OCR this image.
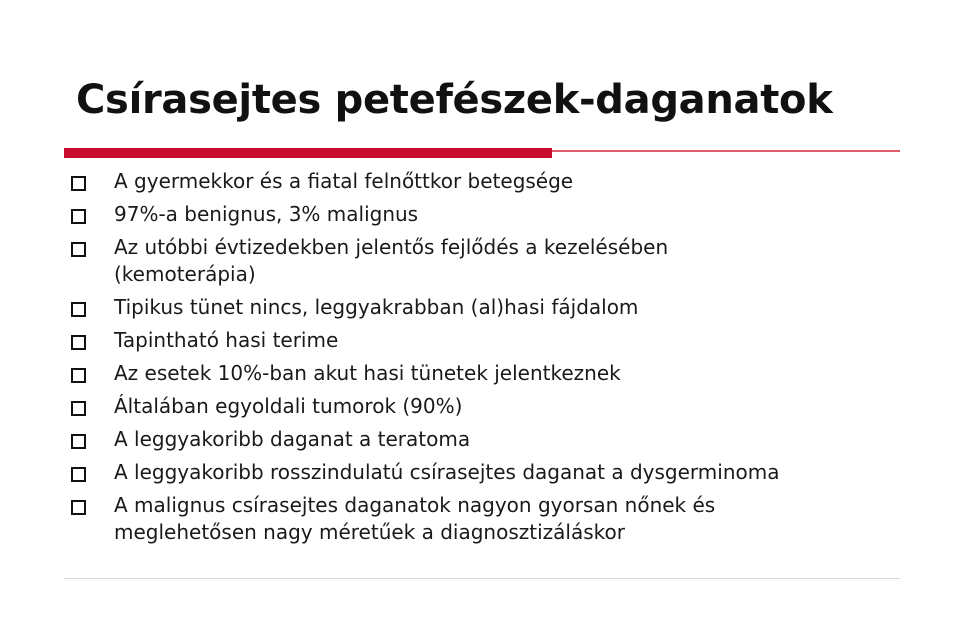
Csírasejtes petefészek-daganatok
A gyermekkor és a fiatal felnőttkor betegsége
97%-a benignus, 3% malignus
Az utóbbi évtizedekben jelentős fejlődés a kezelésében
(kemoterápia)
Tipikus tünet nincs, leggyakrabban (al)hasi fájdalom
Tapintható hasi terime
Az esetek 10%-ban akut hasi tünetek jelentkeznek
Általában egyoldali tumorok (90%)
A leggyakoribb daganat a teratoma
A leggyakoribb rosszindulatú csírasejtes daganat a dysgerminoma
A malignus csírasejtes daganatok nagyon gyorsan nőnek és
meglehetősen nagy méretűek a diagnosztizáláskor
